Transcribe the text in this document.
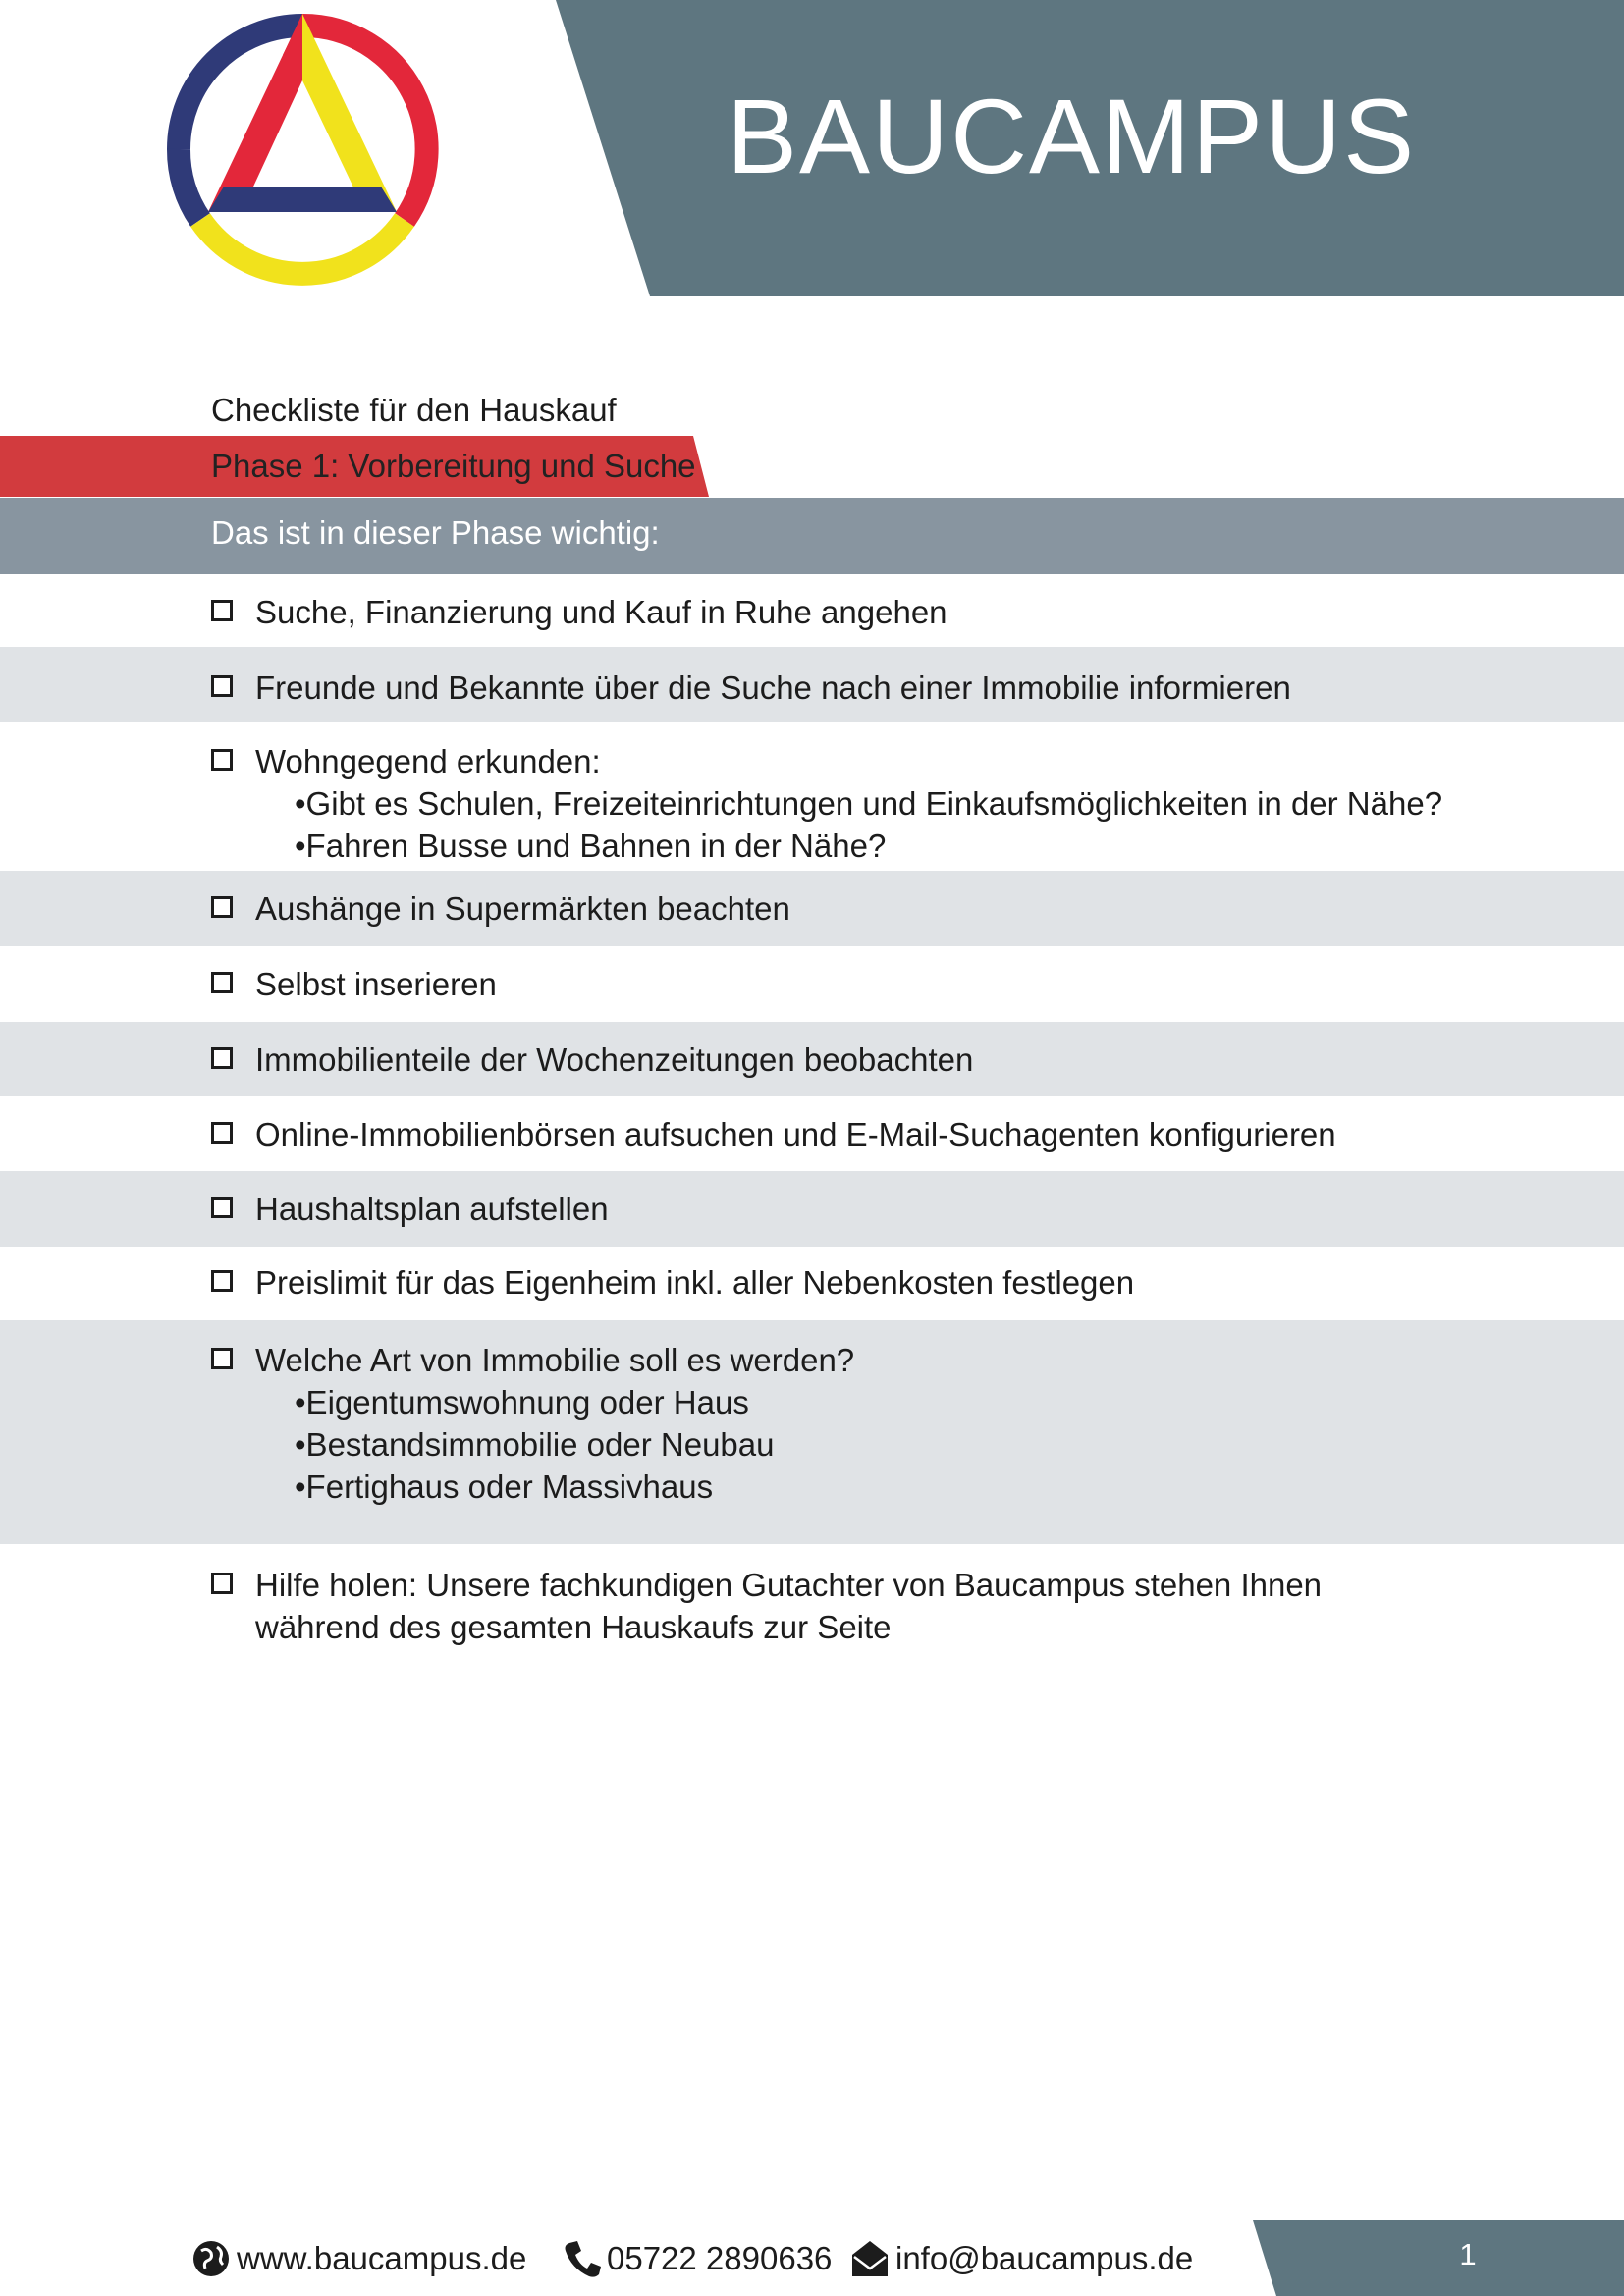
BAUCAMPUS
Checkliste für den Hauskauf
Phase 1: Vorbereitung und Suche
Das ist in dieser Phase wichtig:
Suche, Finanzierung und Kauf in Ruhe angehen
Freunde und Bekannte über die Suche nach einer Immobilie informieren
Wohngegend erkunden:
•Gibt es Schulen, Freizeiteinrichtungen und Einkaufsmöglichkeiten in der Nähe?
•Fahren Busse und Bahnen in der Nähe?
Aushänge in Supermärkten beachten
Selbst inserieren
Immobilienteile der Wochenzeitungen beobachten
Online-Immobilienbörsen aufsuchen und E-Mail-Suchagenten konfigurieren
Haushaltsplan aufstellen
Preislimit für das Eigenheim inkl. aller Nebenkosten festlegen
Welche Art von Immobilie soll es werden?
•Eigentumswohnung oder Haus
•Bestandsimmobilie oder Neubau
•Fertighaus oder Massivhaus
Hilfe holen: Unsere fachkundigen Gutachter von Baucampus stehen Ihnen
während des gesamten Hauskaufs zur Seite
www.baucampus.de 05722 2890636 info@baucampus.de	1
